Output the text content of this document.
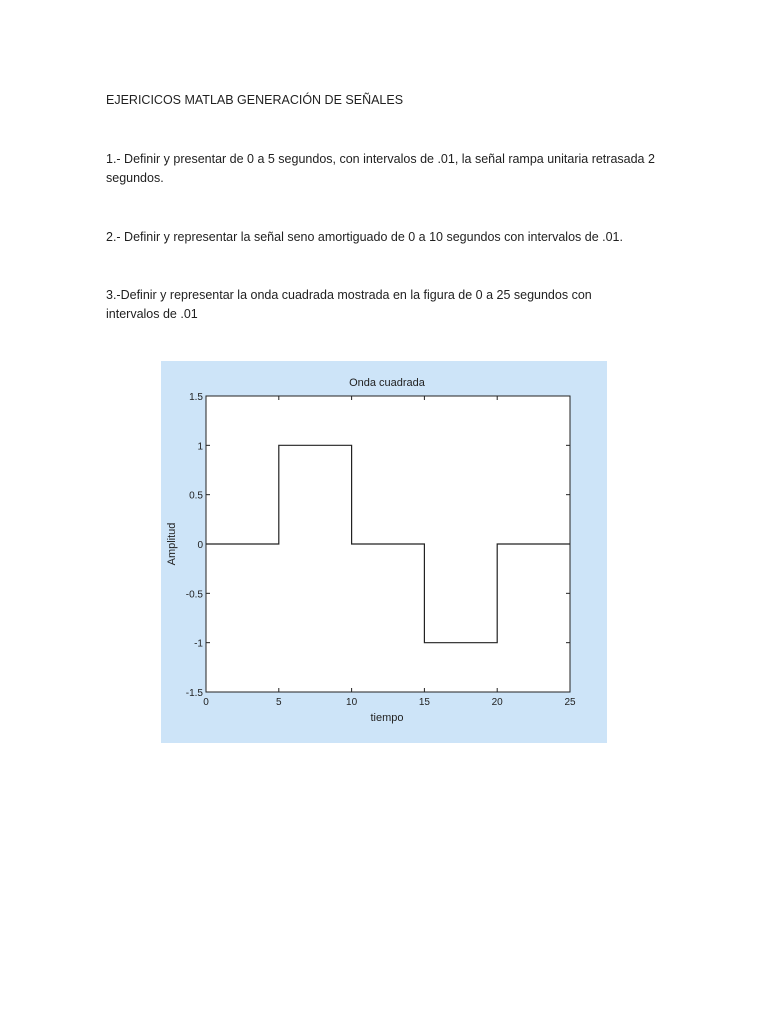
EJERICICOS MATLAB GENERACIÓN DE SEÑALES

1.- Definir y presentar de 0 a 5 segundos, con intervalos de .01, la señal rampa unitaria retrasada 2 segundos.

2.- Definir y representar la señal seno amortiguado de 0 a 10 segundos con intervalos de .01.

3.-Definir y representar la onda cuadrada mostrada en la figura de 0 a 25 segundos con intervalos de .01

Onda cuadrada
tiempo
Amplitud
0	5	10	15	20	25
1.5
1
0.5
0
-0.5
-1
-1.5
